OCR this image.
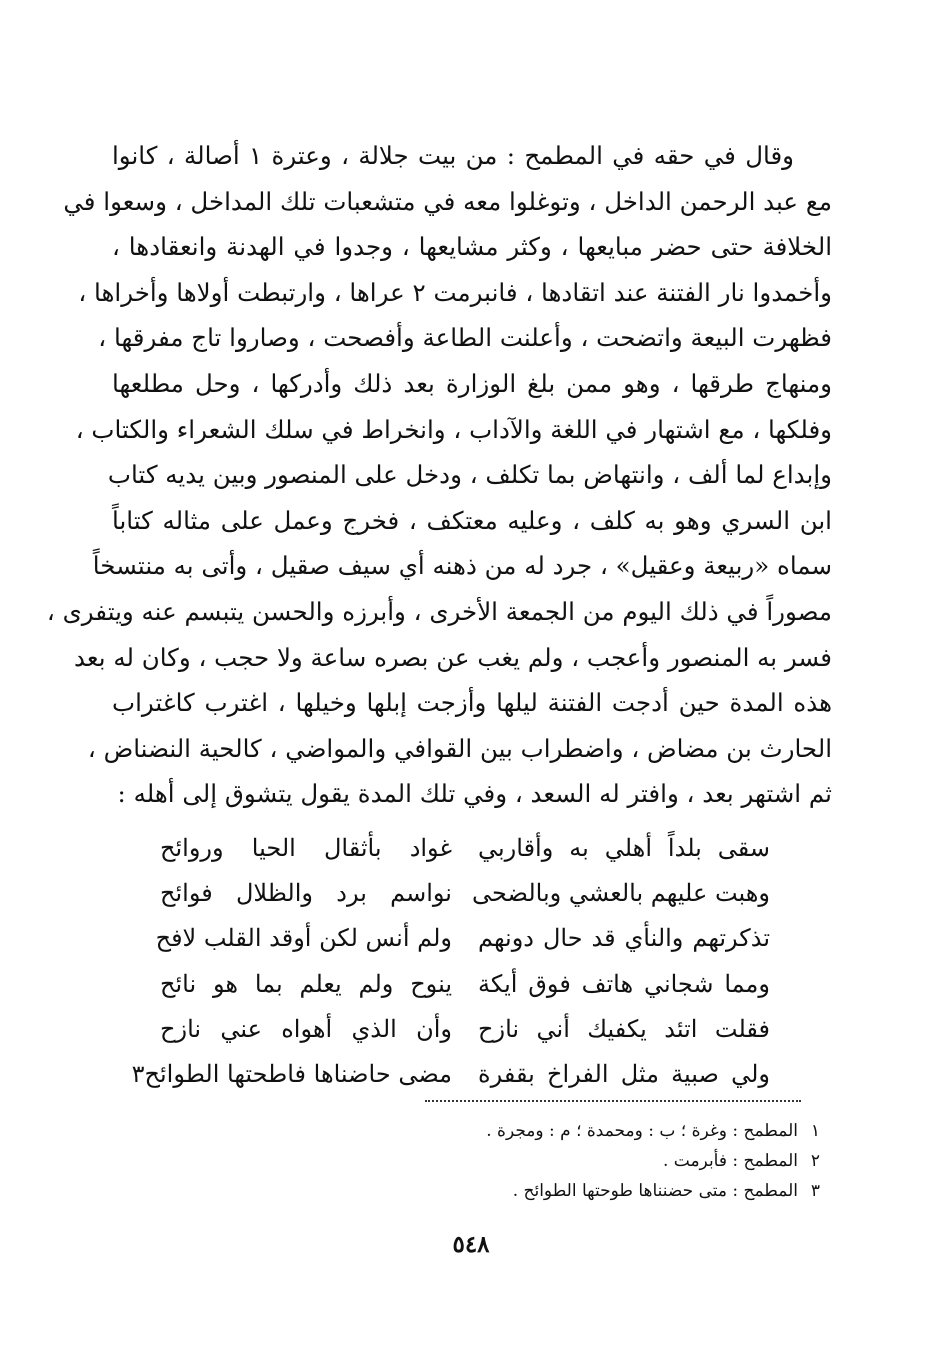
وقال في حقه في المطمح : من بيت جلالة ، وعترة ١ أصالة ، كانوا
مع عبد الرحمن الداخل ، وتوغلوا معه في متشعبات تلك المداخل ، وسعوا في
الخلافة حتى حضر مبايعها ، وكثر مشايعها ، وجدوا في الهدنة وانعقادها ،
وأخمدوا نار الفتنة عند اتقادها ، فانبرمت ٢ عراها ، وارتبطت أولاها وأخراها ،
فظهرت البيعة واتضحت ، وأعلنت الطاعة وأفصحت ، وصاروا تاج مفرقها ،
ومنهاج طرقها ، وهو ممن بلغ الوزارة بعد ذلك وأدركها ، وحل مطلعها
وفلكها ، مع اشتهار في اللغة والآداب ، وانخراط في سلك الشعراء والكتاب ،
وإبداع لما ألف ، وانتهاض بما تكلف ، ودخل على المنصور وبين يديه كتاب
ابن السري وهو به كلف ، وعليه معتكف ، فخرج وعمل على مثاله كتاباً
سماه «ربيعة وعقيل» ، جرد له من ذهنه أي سيف صقيل ، وأتى به منتسخاً
مصوراً في ذلك اليوم من الجمعة الأخرى ، وأبرزه والحسن يتبسم عنه ويتفرى ،
فسر به المنصور وأعجب ، ولم يغب عن بصره ساعة ولا حجب ، وكان له بعد
هذه المدة حين أدجت الفتنة ليلها وأزجت إبلها وخيلها ، اغترب كاغتراب
الحارث بن مضاض ، واضطراب بين القوافي والمواضي ، كالحية النضناض ،
ثم اشتهر بعد ، وافتر له السعد ، وفي تلك المدة يقول يتشوق إلى أهله :
سقى بلداً أهلي به وأقاربي
غواد بأثقال الحيا وروائح
وهبت عليهم بالعشي وبالضحى
نواسم برد والظلال فوائح
تذكرتهم والنأي قد حال دونهم
ولم أنس لكن أوقد القلب لافح
ومما شجاني هاتف فوق أيكة
ينوح ولم يعلم بما هو نائح
فقلت اتئد يكفيك أني نازح
وأن الذي أهواه عني نازح
ولي صبية مثل الفراخ بقفرة
مضى حاضناها فاطحتها الطوائح٣
١
المطمح : وغرة ؛ ب : ومحمدة ؛ م : ومجرة .
٢
المطمح : فأبرمت .
٣
المطمح : متى حضنناها طوحتها الطوائح .
٥٤٨
